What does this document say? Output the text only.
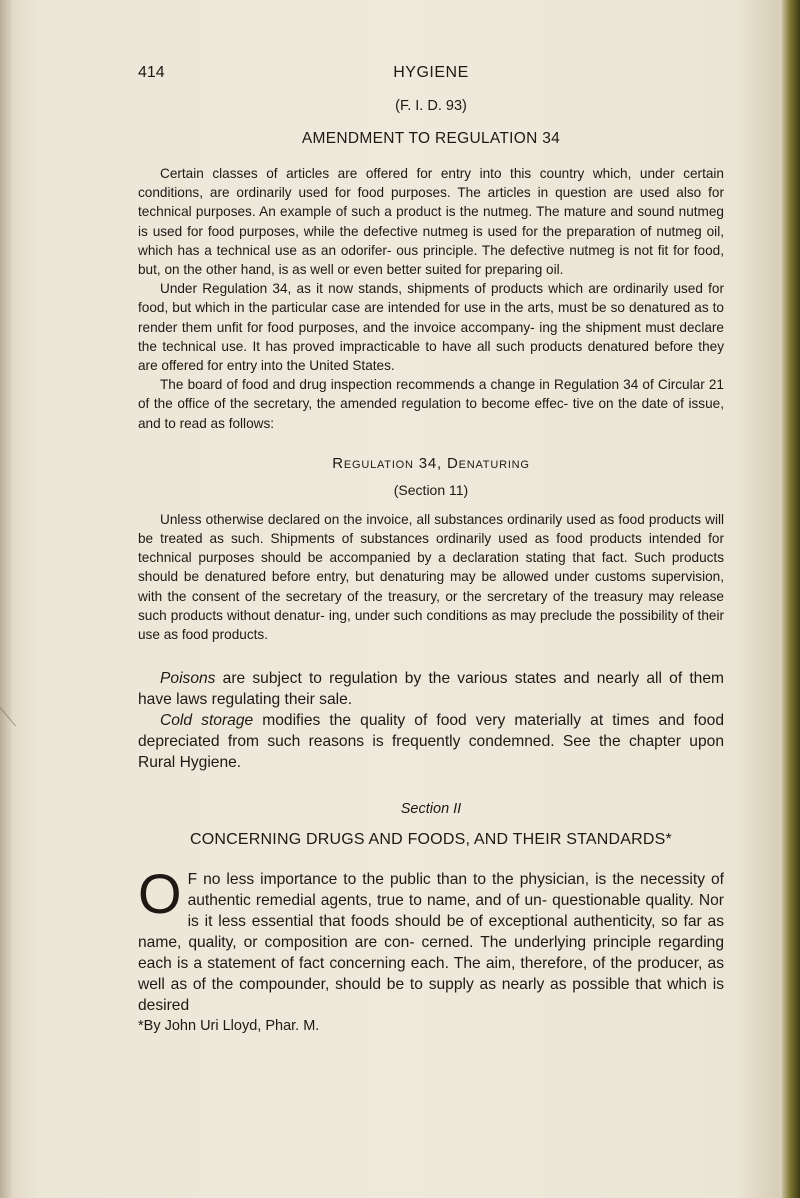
414	HYGIENE
(F. I. D. 93)
AMENDMENT TO REGULATION 34

Certain classes of articles are offered for entry into this country which, under certain conditions, are ordinarily used for food purposes. The articles in question are used also for technical purposes. An example of such a product is the nutmeg. The mature and sound nutmeg is used for food purposes, while the defective nutmeg is used for the preparation of nutmeg oil, which has a technical use as an odorifer- ous principle. The defective nutmeg is not fit for food, but, on the other hand, is as well or even better suited for preparing oil.

Under Regulation 34, as it now stands, shipments of products which are ordinarily used for food, but which in the particular case are intended for use in the arts, must be so denatured as to render them unfit for food purposes, and the invoice accompany- ing the shipment must declare the technical use. It has proved impracticable to have all such products denatured before they are offered for entry into the United States.

The board of food and drug inspection recommends a change in Regulation 34 of Circular 21 of the office of the secretary, the amended regulation to become effec- tive on the date of issue, and to read as follows:

Regulation 34, Denaturing
(Section 11)

Unless otherwise declared on the invoice, all substances ordinarily used as food products will be treated as such. Shipments of substances ordinarily used as food products intended for technical purposes should be accompanied by a declaration stating that fact. Such products should be denatured before entry, but denaturing may be allowed under customs supervision, with the consent of the secretary of the treasury, or the sercretary of the treasury may release such products without denatur- ing, under such conditions as may preclude the possibility of their use as food products.

Poisons are subject to regulation by the various states and nearly all of them have laws regulating their sale.

Cold storage modifies the quality of food very materially at times and food depreciated from such reasons is frequently condemned. See the chapter upon Rural Hygiene.

Section II
CONCERNING DRUGS AND FOODS, AND THEIR STANDARDS*

O F no less importance to the public than to the physician, is the necessity of authentic remedial agents, true to name, and of un- questionable quality. Nor is it less essential that foods should be of exceptional authenticity, so far as name, quality, or composition are con- cerned. The underlying principle regarding each is a statement of fact concerning each. The aim, therefore, of the producer, as well as of the compounder, should be to supply as nearly as possible that which is desired

*By John Uri Lloyd, Phar. M.
